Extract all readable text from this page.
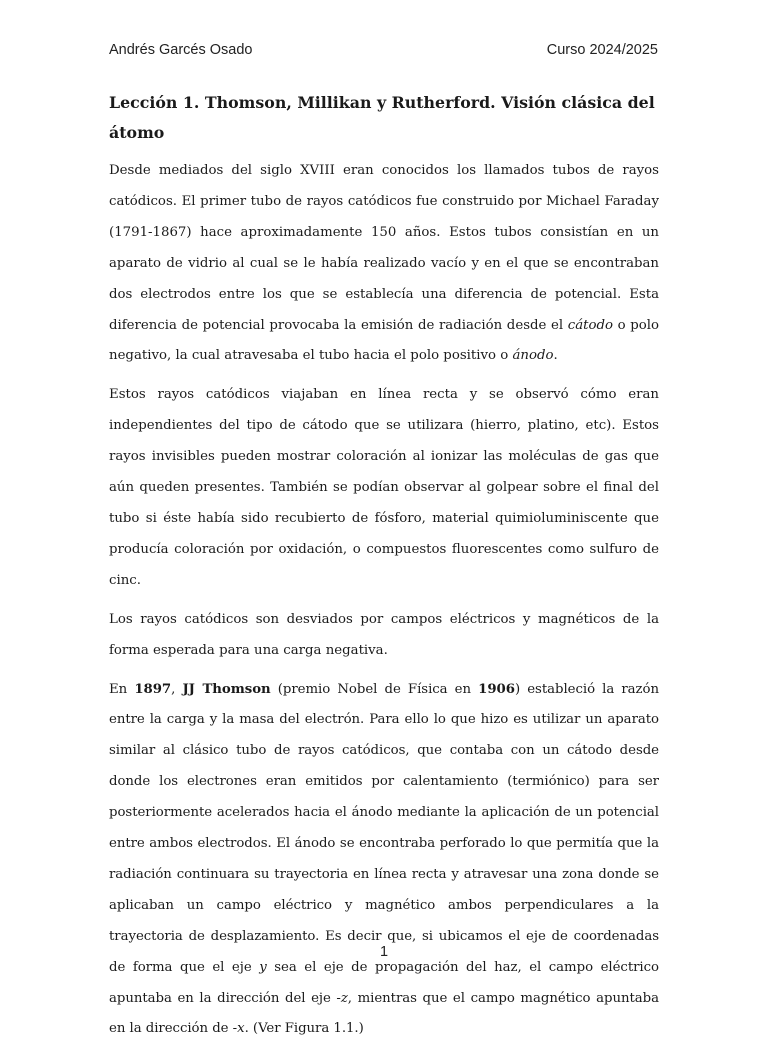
Andrés Garcés Osado	Curso 2024/2025
Lección 1. Thomson, Millikan y Rutherford. Visión clásica del átomo

Desde mediados del siglo XVIII eran conocidos los llamados tubos de rayos catódicos. El primer tubo de rayos catódicos fue construido por Michael Faraday (1791-1867) hace aproximadamente 150 años. Estos tubos consistían en un aparato de vidrio al cual se le había realizado vacío y en el que se encontraban dos electrodos entre los que se establecía una diferencia de potencial. Esta diferencia de potencial provocaba la emisión de radiación desde el cátodo o polo negativo, la cual atravesaba el tubo hacia el polo positivo o ánodo.

Estos rayos catódicos viajaban en línea recta y se observó cómo eran independientes del tipo de cátodo que se utilizara (hierro, platino, etc). Estos rayos invisibles pueden mostrar coloración al ionizar las moléculas de gas que aún queden presentes. También se podían observar al golpear sobre el final del tubo si éste había sido recubierto de fósforo, material quimioluminiscente que producía coloración por oxidación, o compuestos fluorescentes como sulfuro de cinc.

Los rayos catódicos son desviados por campos eléctricos y magnéticos de la forma esperada para una carga negativa.

En 1897, JJ Thomson (premio Nobel de Física en 1906) estableció la razón entre la carga y la masa del electrón. Para ello lo que hizo es utilizar un aparato similar al clásico tubo de rayos catódicos, que contaba con un cátodo desde donde los electrones eran emitidos por calentamiento (termiónico) para ser posteriormente acelerados hacia el ánodo mediante la aplicación de un potencial entre ambos electrodos. El ánodo se encontraba perforado lo que permitía que la radiación continuara su trayectoria en línea recta y atravesar una zona donde se aplicaban un campo eléctrico y magnético ambos perpendiculares a la trayectoria de desplazamiento. Es decir que, si ubicamos el eje de coordenadas de forma que el eje y sea el eje de propagación del haz, el campo eléctrico apuntaba en la dirección del eje -z, mientras que el campo magnético apuntaba en la dirección de -x. (Ver Figura 1.1.)

1
